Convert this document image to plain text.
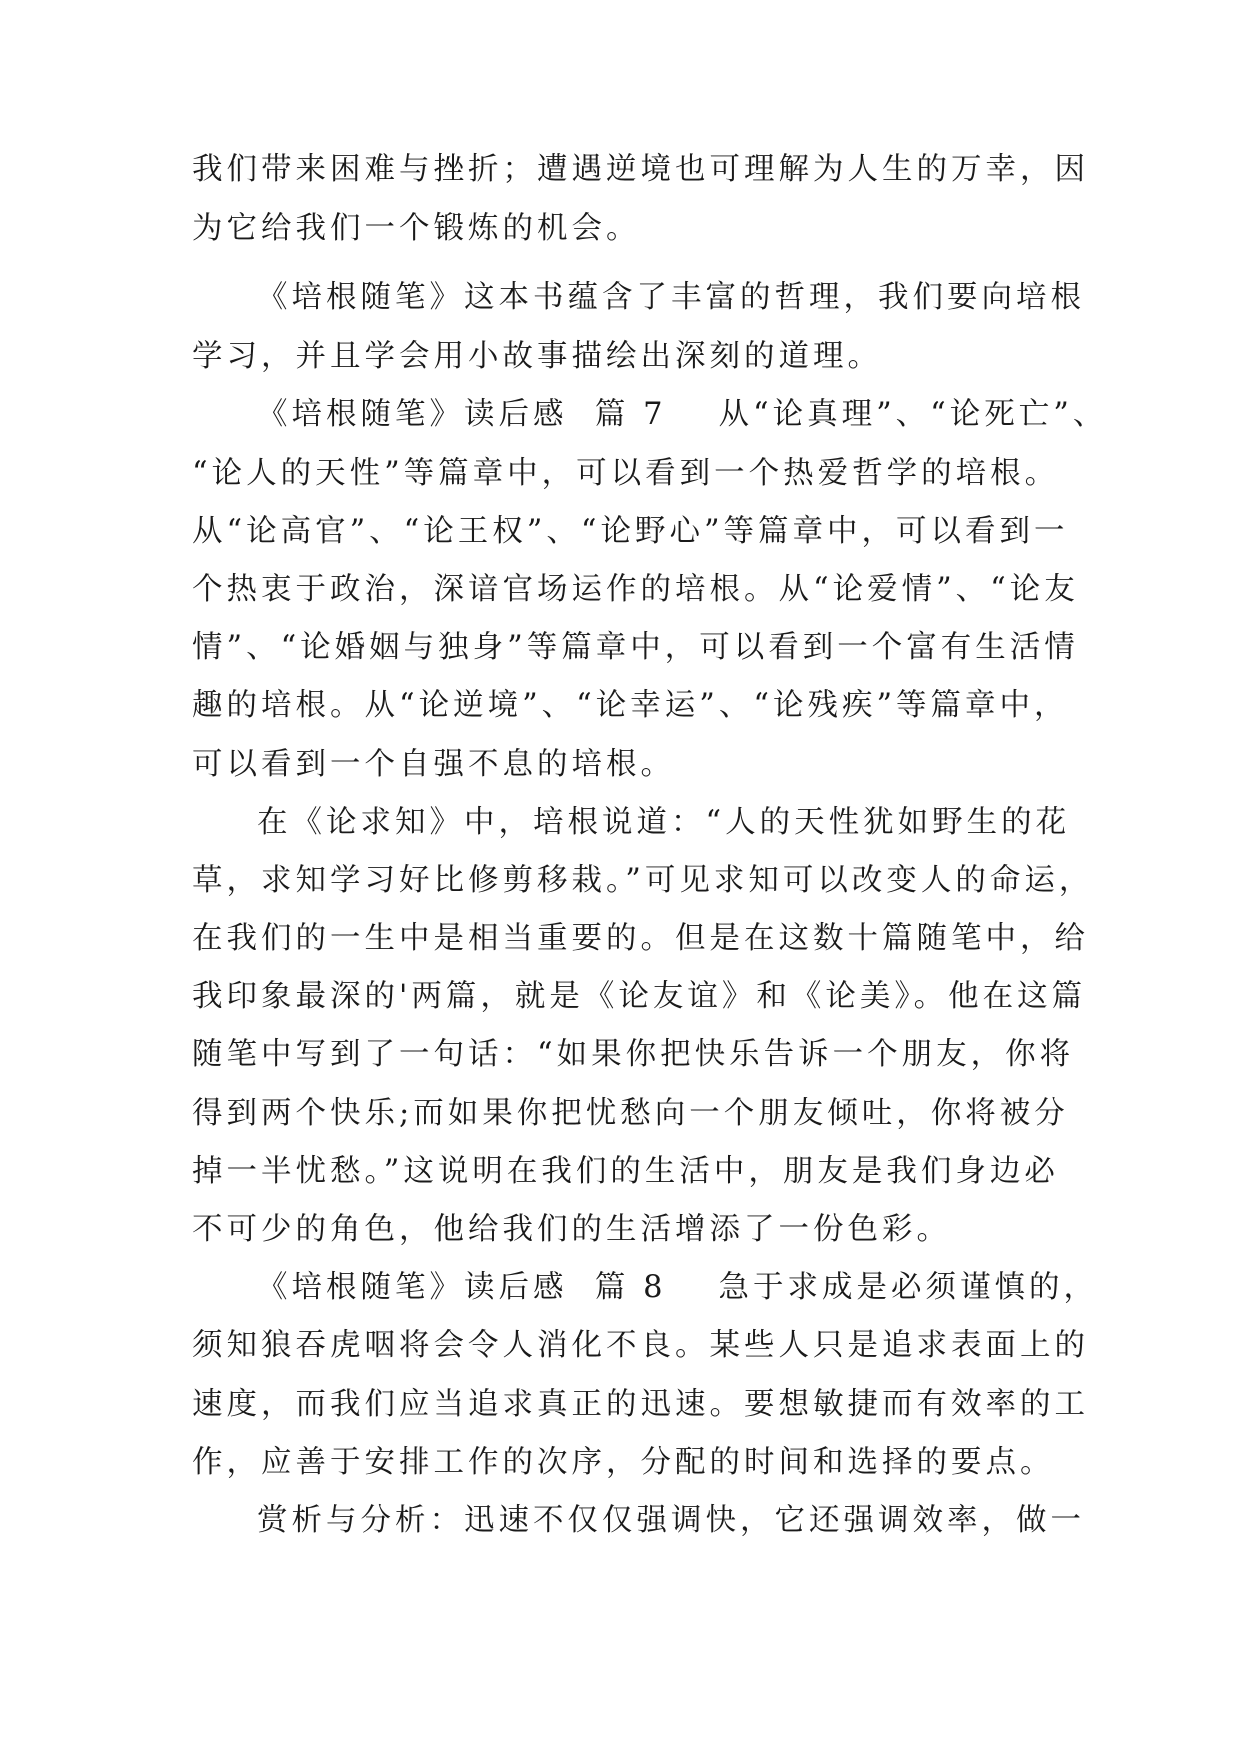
我们带来困难与挫折；遭遇逆境也可理解为人生的万幸，因
为它给我们一个锻炼的机会。
《培根随笔》这本书蕴含了丰富的哲理，我们要向培根
学习，并且学会用小故事描绘出深刻的道理。
《培根随笔》读后感 篇 7 从“论真理”、“论死亡”、
“论人的天性”等篇章中，可以看到一个热爱哲学的培根。
从“论高官”、“论王权”、“论野心”等篇章中，可以看到一
个热衷于政治，深谙官场运作的培根。从“论爱情”、“论友
情”、“论婚姻与独身”等篇章中，可以看到一个富有生活情
趣的培根。从“论逆境”、“论幸运”、“论残疾”等篇章中，
可以看到一个自强不息的培根。
在《论求知》中，培根说道：“人的天性犹如野生的花
草，求知学习好比修剪移栽。”可见求知可以改变人的命运，
在我们的一生中是相当重要的。但是在这数十篇随笔中，给
我印象最深的'两篇，就是《论友谊》和《论美》。他在这篇
随笔中写到了一句话：“如果你把快乐告诉一个朋友，你将
得到两个快乐;而如果你把忧愁向一个朋友倾吐，你将被分
掉一半忧愁。”这说明在我们的生活中，朋友是我们身边必
不可少的角色，他给我们的生活增添了一份色彩。
《培根随笔》读后感 篇 8 急于求成是必须谨慎的，
须知狼吞虎咽将会令人消化不良。某些人只是追求表面上的
速度，而我们应当追求真正的迅速。要想敏捷而有效率的工
作，应善于安排工作的次序，分配的时间和选择的要点。
赏析与分析：迅速不仅仅强调快，它还强调效率，做一
